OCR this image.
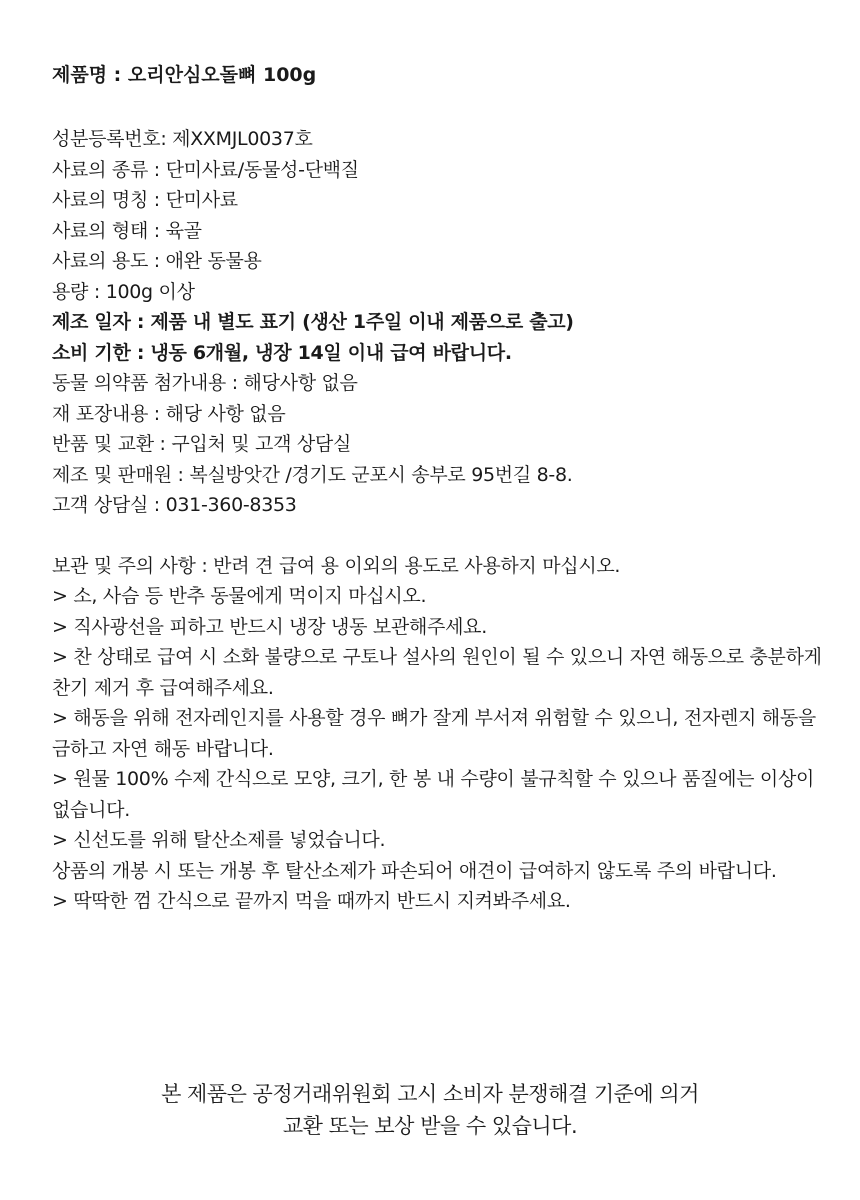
제품명 : 오리안심오돌뼈 100g
성분등록번호: 제XXMJL0037호
사료의 종류 : 단미사료/동물성-단백질
사료의 명칭 : 단미사료
사료의 형태 : 육골
사료의 용도 : 애완 동물용
용량 : 100g 이상
제조 일자 : 제품 내 별도 표기 (생산 1주일 이내 제품으로 출고)
소비 기한 : 냉동 6개월, 냉장 14일 이내 급여 바랍니다.
동물 의약품 첨가내용 : 해당사항 없음
재 포장내용 : 해당 사항 없음
반품 및 교환 : 구입처 및 고객 상담실
제조 및 판매원 : 복실방앗간 /경기도 군포시 송부로 95번길 8-8.
고객 상담실 : 031-360-8353
보관 및 주의 사항 : 반려 견 급여 용 이외의 용도로 사용하지 마십시오.
> 소, 사슴 등 반추 동물에게 먹이지 마십시오.
> 직사광선을 피하고 반드시 냉장 냉동 보관해주세요.
> 찬 상태로 급여 시 소화 불량으로 구토나 설사의 원인이 될 수 있으니 자연 해동으로 충분하게 찬기 제거 후 급여해주세요.
> 해동을 위해 전자레인지를 사용할 경우 뼈가 잘게 부서져 위험할 수 있으니, 전자렌지 해동을 금하고 자연 해동 바랍니다.
> 원물 100% 수제 간식으로 모양, 크기, 한 봉 내 수량이 불규칙할 수 있으나 품질에는 이상이 없습니다.
> 신선도를 위해 탈산소제를 넣었습니다.
상품의 개봉 시 또는 개봉 후 탈산소제가 파손되어 애견이 급여하지 않도록 주의 바랍니다.
> 딱딱한 껌 간식으로 끝까지 먹을 때까지 반드시 지켜봐주세요.
본 제품은 공정거래위원회 고시 소비자 분쟁해결 기준에 의거
교환 또는 보상 받을 수 있습니다.
